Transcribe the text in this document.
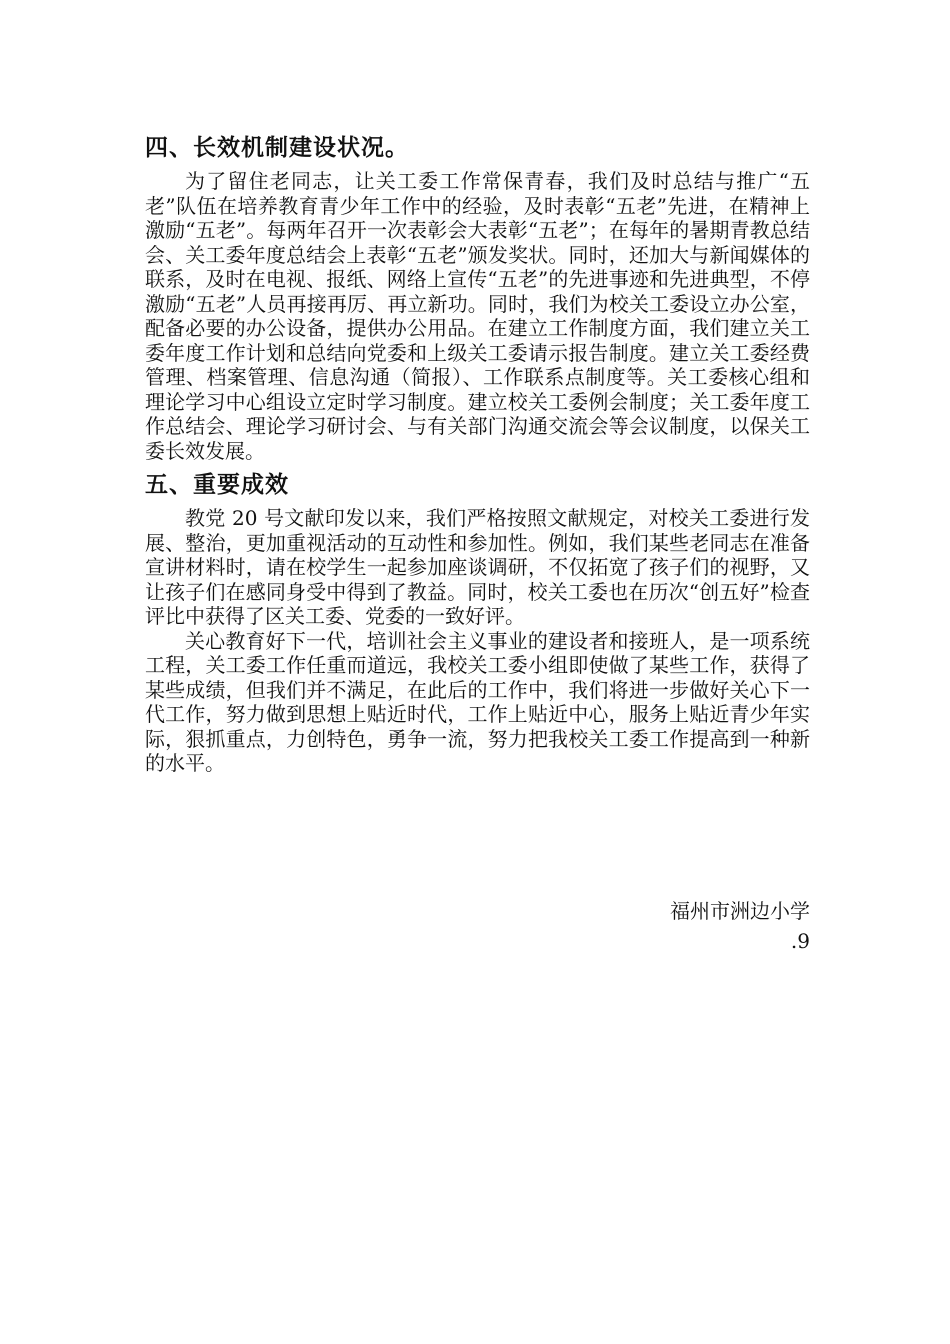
四、长效机制建设状况。

为了留住老同志，让关工委工作常保青春，我们及时总结与推广“五老”队伍在培养教育青少年工作中的经验，及时表彰“五老”先进，在精神上激励“五老”。每两年召开一次表彰会大表彰“五老”；在每年的暑期青教总结会、关工委年度总结会上表彰“五老”颁发奖状。同时，还加大与新闻媒体的联系，及时在电视、报纸、网络上宣传“五老”的先进事迹和先进典型，不停激励“五老”人员再接再厉、再立新功。同时，我们为校关工委设立办公室，配备必要的办公设备，提供办公用品。在建立工作制度方面，我们建立关工委年度工作计划和总结向党委和上级关工委请示报告制度。建立关工委经费管理、档案管理、信息沟通（简报）、工作联系点制度等。关工委核心组和理论学习中心组设立定时学习制度。建立校关工委例会制度；关工委年度工作总结会、理论学习研讨会、与有关部门沟通交流会等会议制度，以保关工委长效发展。

五、重要成效

教党 20 号文献印发以来，我们严格按照文献规定，对校关工委进行发展、整治，更加重视活动的互动性和参加性。例如，我们某些老同志在准备宣讲材料时，请在校学生一起参加座谈调研，不仅拓宽了孩子们的视野，又让孩子们在感同身受中得到了教益。同时，校关工委也在历次“创五好”检查评比中获得了区关工委、党委的一致好评。

关心教育好下一代，培训社会主义事业的建设者和接班人，是一项系统工程，关工委工作任重而道远，我校关工委小组即使做了某些工作，获得了某些成绩，但我们并不满足，在此后的工作中，我们将进一步做好关心下一代工作，努力做到思想上贴近时代，工作上贴近中心，服务上贴近青少年实际，狠抓重点，力创特色，勇争一流，努力把我校关工委工作提高到一种新的水平。

福州市洲边小学
.9
